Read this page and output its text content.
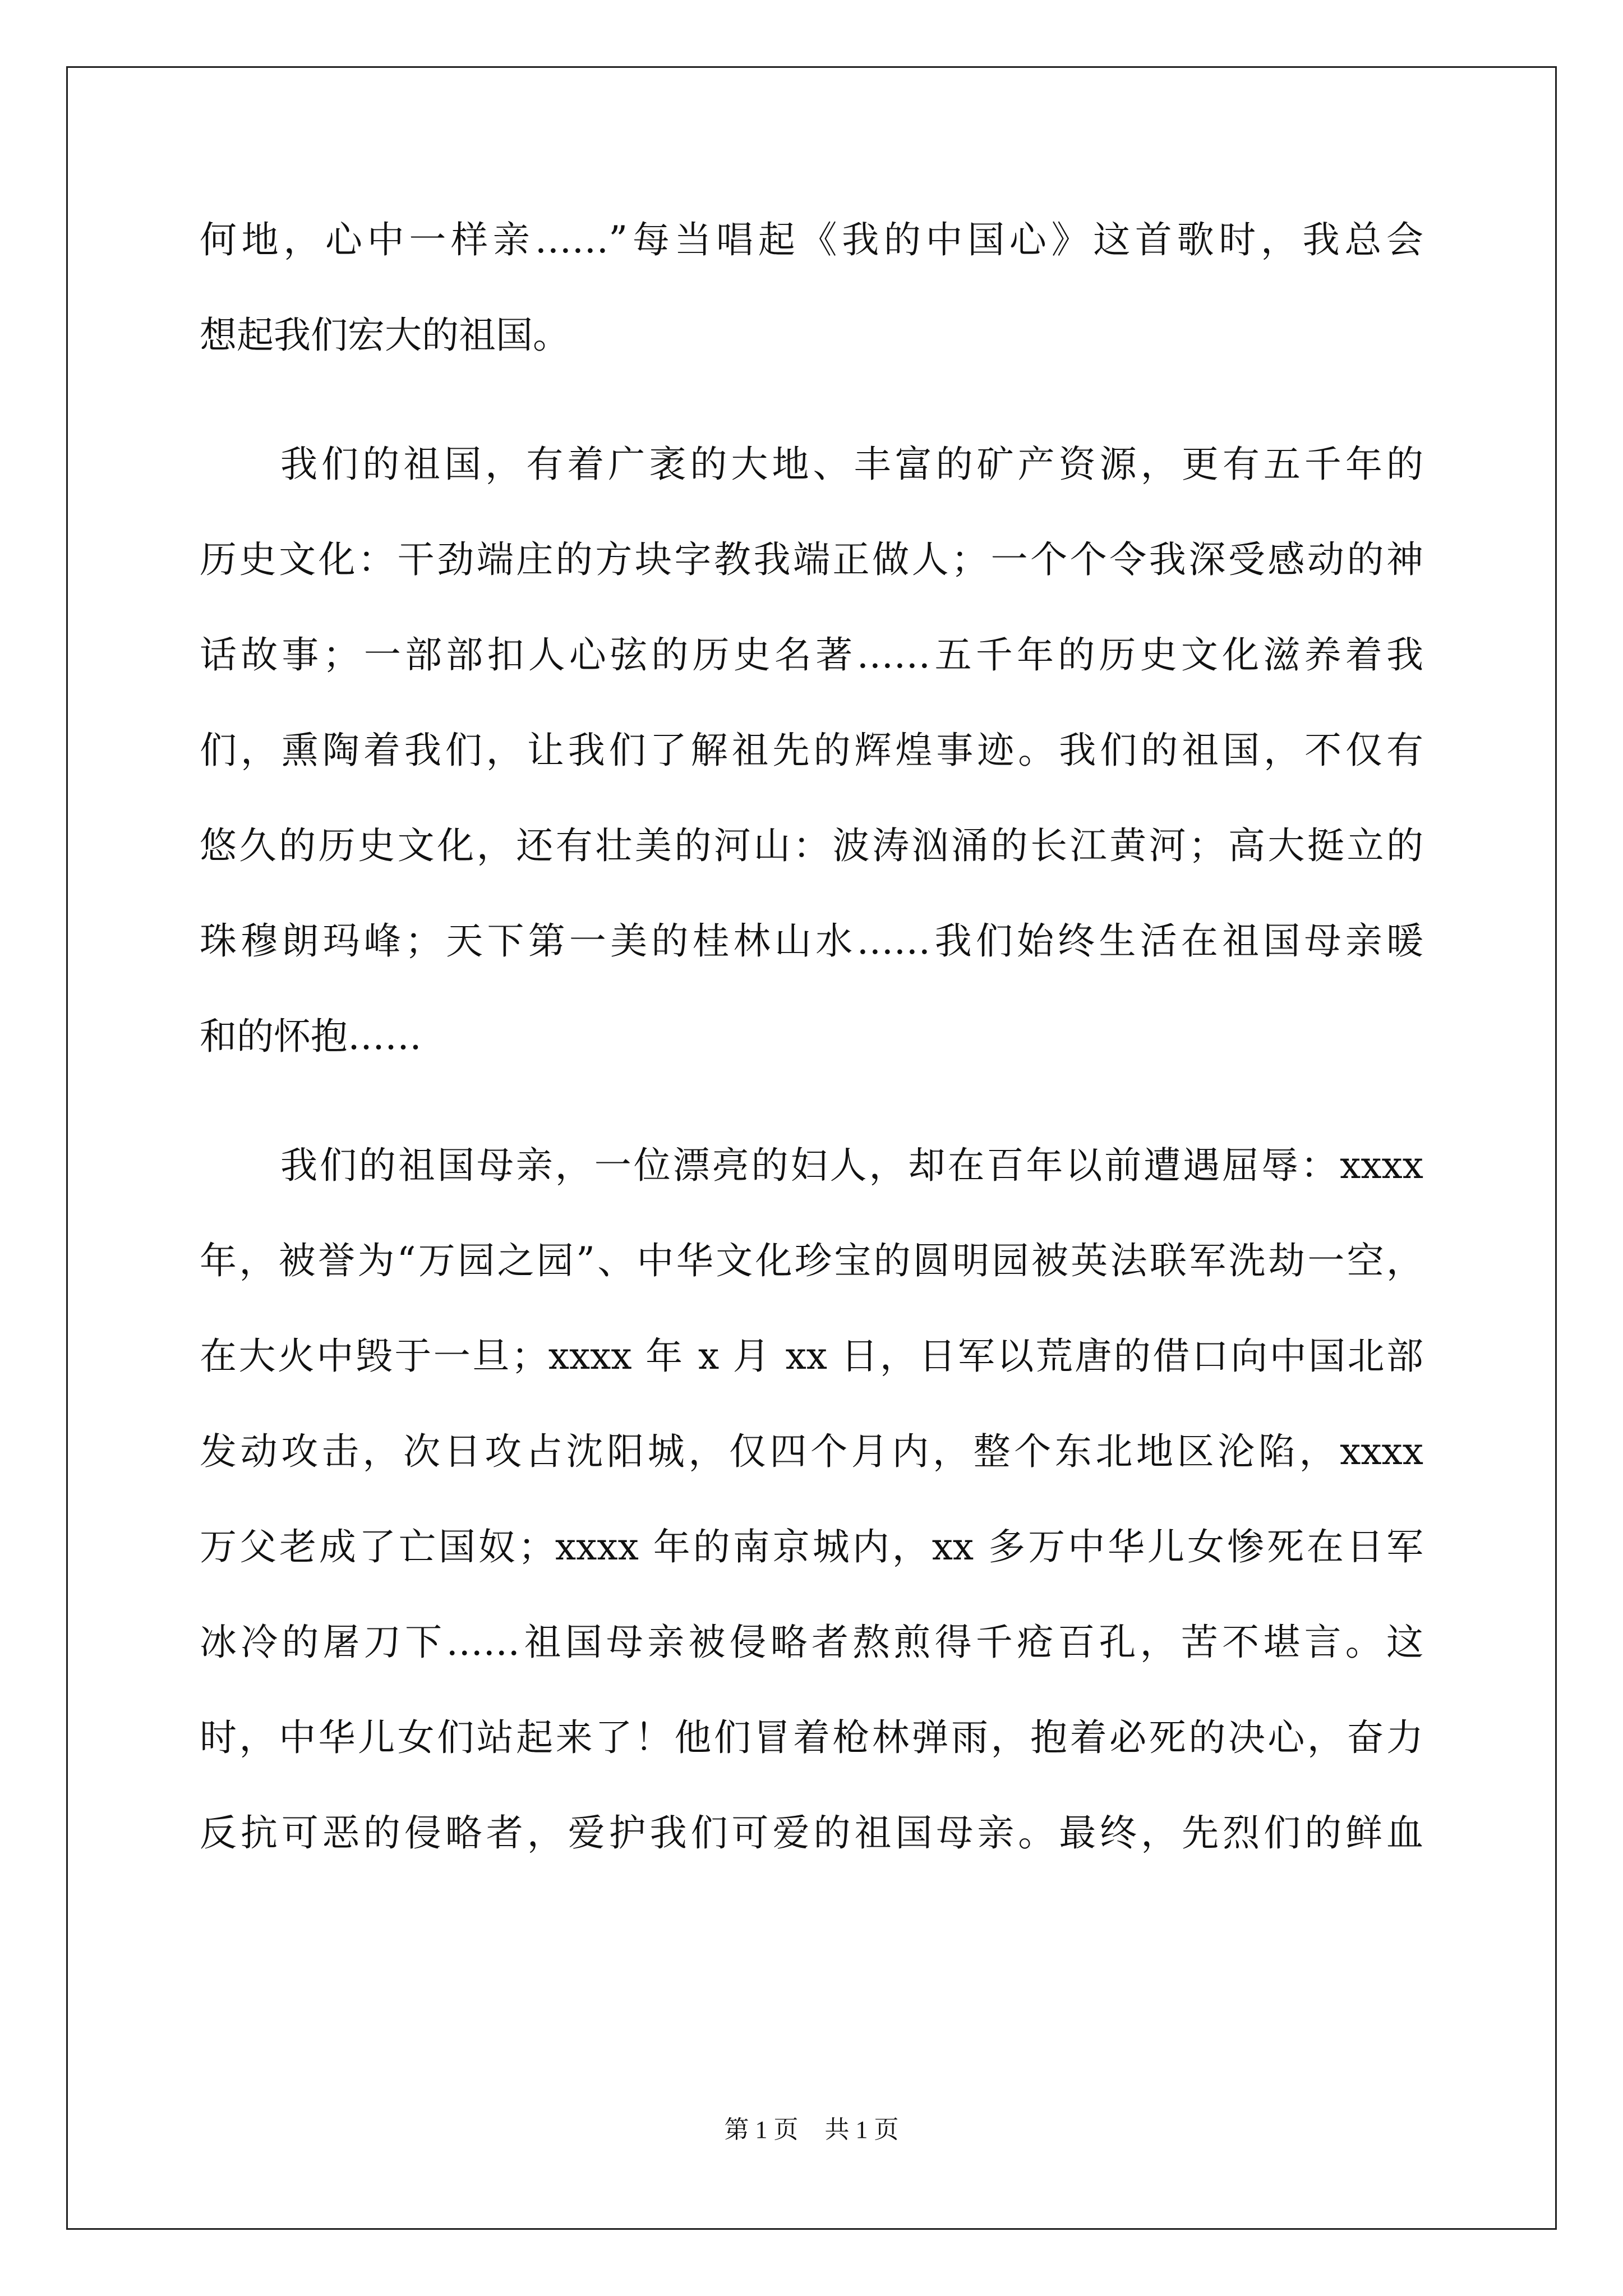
何地，心中一样亲……”每当唱起《我的中国心》这首歌时，我总会
想起我们宏大的祖国。
我们的祖国，有着广袤的大地、丰富的矿产资源，更有五千年的
历史文化：干劲端庄的方块字教我端正做人；一个个令我深受感动的神
话故事；一部部扣人心弦的历史名著……五千年的历史文化滋养着我
们，熏陶着我们，让我们了解祖先的辉煌事迹。我们的祖国，不仅有
悠久的历史文化，还有壮美的河山：波涛汹涌的长江黄河；高大挺立的
珠穆朗玛峰；天下第一美的桂林山水……我们始终生活在祖国母亲暖
和的怀抱……
我们的祖国母亲，一位漂亮的妇人，却在百年以前遭遇屈辱：xxxx
年，被誉为“万园之园”、中华文化珍宝的圆明园被英法联军洗劫一空，
在大火中毁于一旦；xxxx 年 x 月 xx 日，日军以荒唐的借口向中国北部
发动攻击，次日攻占沈阳城，仅四个月内，整个东北地区沦陷，xxxx
万父老成了亡国奴；xxxx 年的南京城内，xx 多万中华儿女惨死在日军
冰冷的屠刀下……祖国母亲被侵略者熬煎得千疮百孔，苦不堪言。这
时，中华儿女们站起来了！他们冒着枪林弹雨，抱着必死的决心，奋力
反抗可恶的侵略者，爱护我们可爱的祖国母亲。最终，先烈们的鲜血
第 1 页 共 1 页
